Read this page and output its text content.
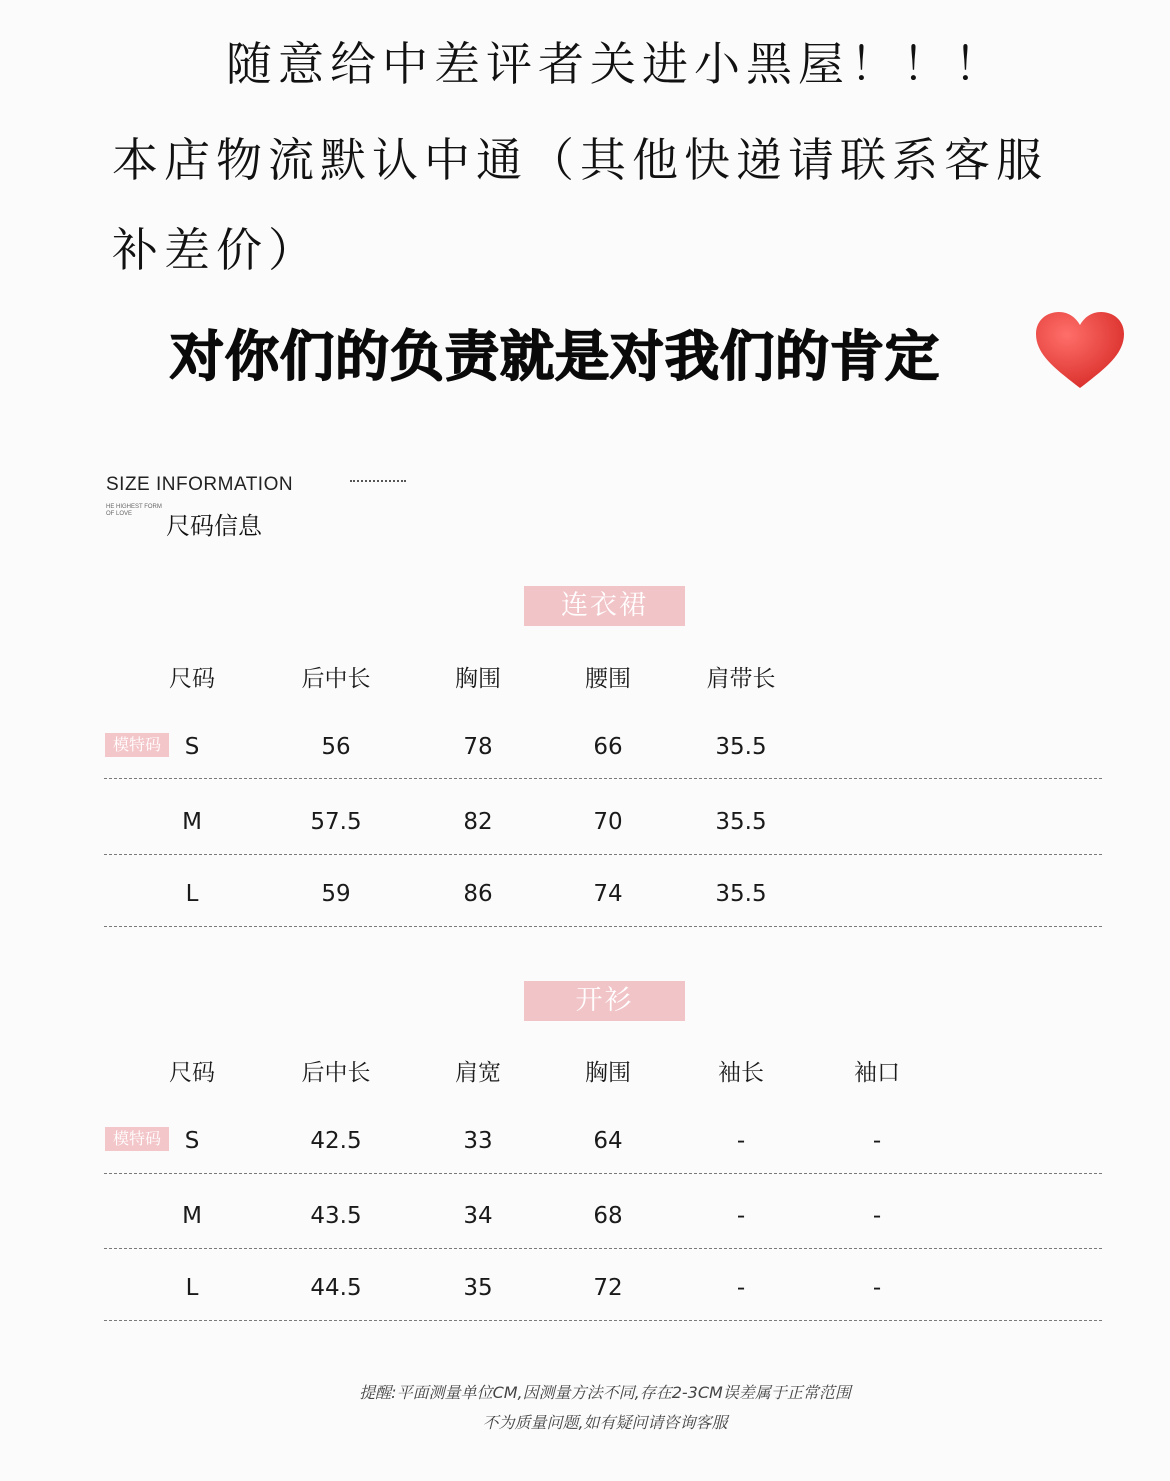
随意给中差评者关进小黑屋！！！
本店物流默认中通（其他快递请联系客服
补差价）
对你们的负责就是对我们的肯定
SIZE INFORMATION
HE HIGHEST FORM OF LOVE	尺码信息
连衣裙
尺码	后中长	胸围	腰围	肩带长
模特码	S	56	78	66	35.5
M	57.5	82	70	35.5
L	59	86	74	35.5
开衫
尺码	后中长	肩宽	胸围	袖长	袖口
模特码	S	42.5	33	64	-	-
M	43.5	34	68	-	-
L	44.5	35	72	-	-
提醒:平面测量单位CM,因测量方法不同,存在2-3CM误差属于正常范围
不为质量问题,如有疑问请咨询客服
